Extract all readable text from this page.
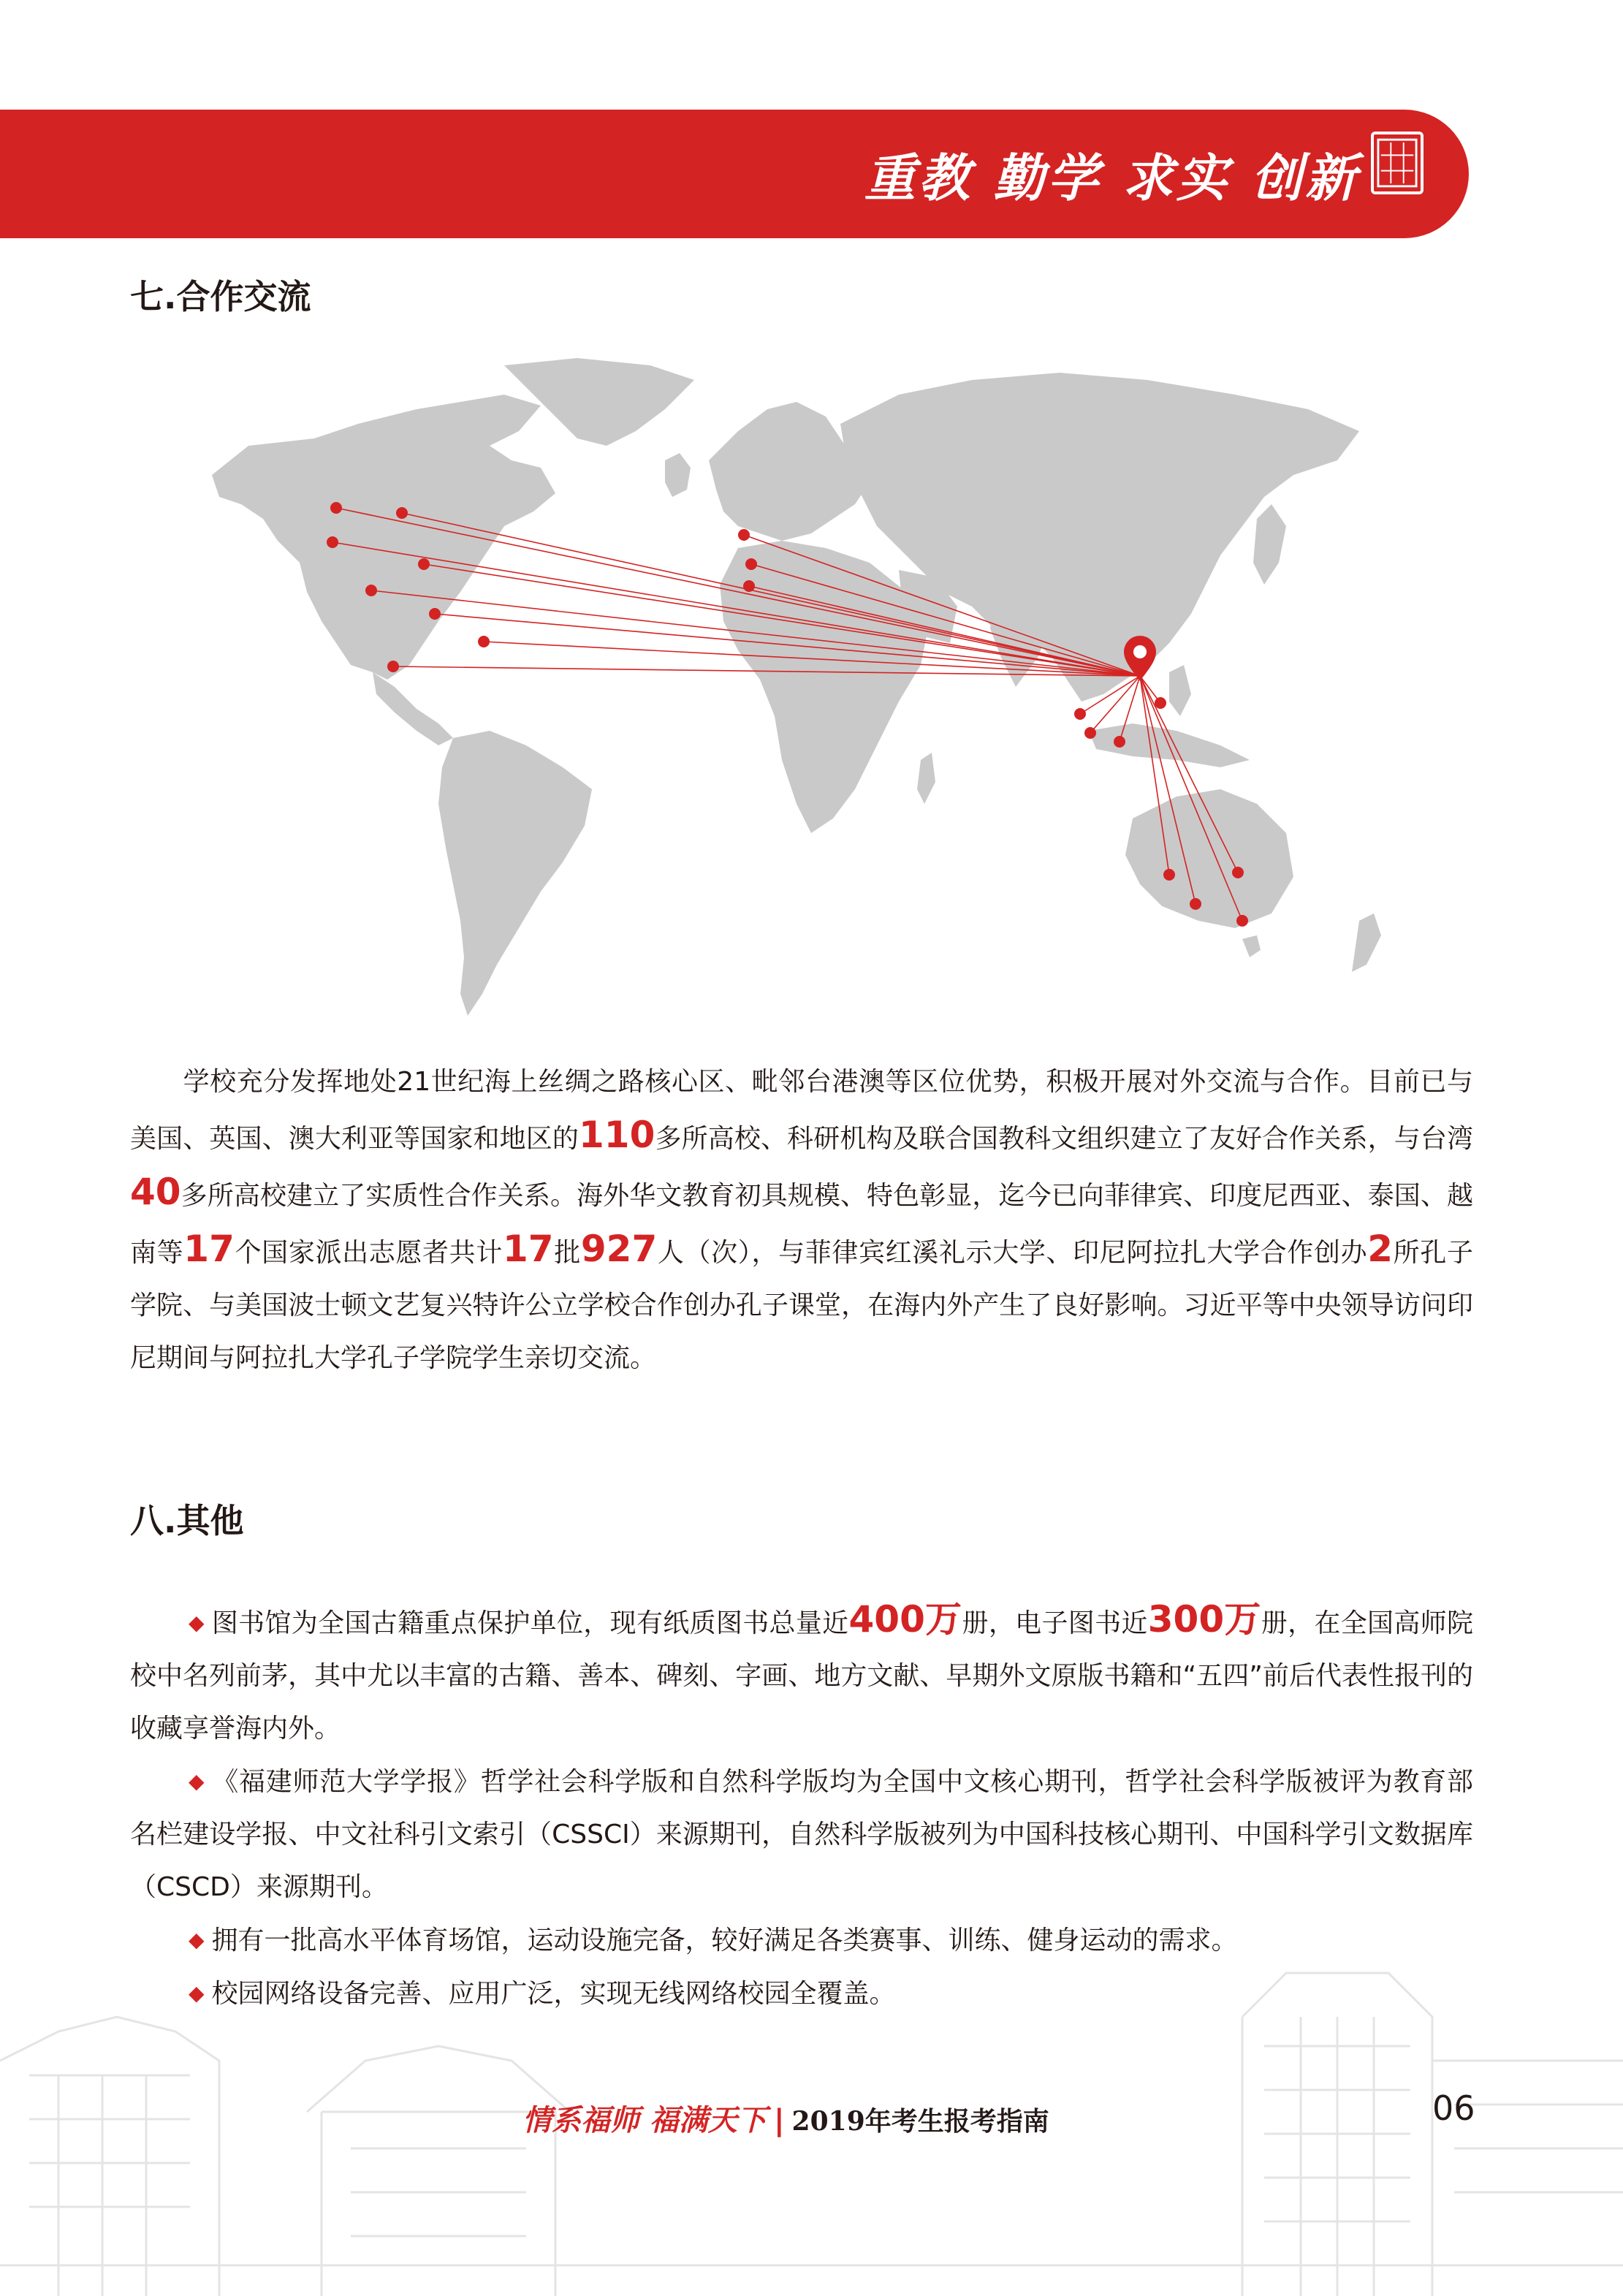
重教 勤学 求实 创新
七.合作交流
学校充分发挥地处21世纪海上丝绸之路核心区、毗邻台港澳等区位优势，积极开展对外交流与合作。目前已与美国、英国、澳大利亚等国家和地区的110多所高校、科研机构及联合国教科文组织建立了友好合作关系，与台湾40多所高校建立了实质性合作关系。海外华文教育初具规模、特色彰显，迄今已向菲律宾、印度尼西亚、泰国、越南等17个国家派出志愿者共计17批927人（次），与菲律宾红溪礼示大学、印尼阿拉扎大学合作创办2所孔子学院、与美国波士顿文艺复兴特许公立学校合作创办孔子课堂，在海内外产生了良好影响。习近平等中央领导访问印尼期间与阿拉扎大学孔子学院学生亲切交流。
八.其他
◆ 图书馆为全国古籍重点保护单位，现有纸质图书总量近400万册，电子图书近300万册，在全国高师院校中名列前茅，其中尤以丰富的古籍、善本、碑刻、字画、地方文献、早期外文原版书籍和“五四”前后代表性报刊的收藏享誉海内外。
◆ 《福建师范大学学报》哲学社会科学版和自然科学版均为全国中文核心期刊，哲学社会科学版被评为教育部名栏建设学报、中文社科引文索引（CSSCI）来源期刊，自然科学版被列为中国科技核心期刊、中国科学引文数据库（CSCD）来源期刊。
◆ 拥有一批高水平体育场馆，运动设施完备，较好满足各类赛事、训练、健身运动的需求。
◆ 校园网络设备完善、应用广泛，实现无线网络校园全覆盖。
情系福师 福满天下 | 2019年考生报考指南	06
